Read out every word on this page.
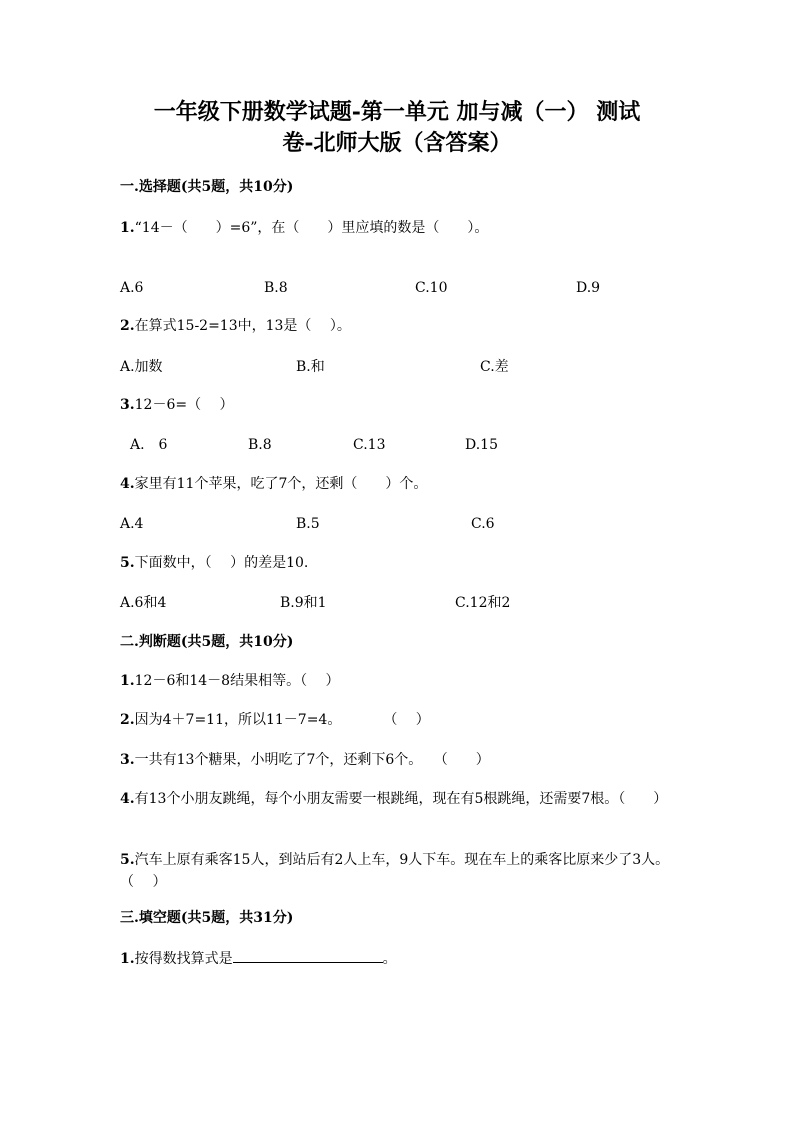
一年级下册数学试题-第一单元 加与减（一） 测试
卷-北师大版（含答案）
一.选择题(共5题，共10分)

1.“14－（　　）=6”，在（　　）里应填的数是（　　）。

A.6	B.8	C.10	D.9

2.在算式15-2=13中，13是（　 ）。

A.加数	B.和	C.差

3.12－6=（　 ）

A.　6	B.8	C.13	D.15

4.家里有11个苹果，吃了7个，还剩（　　）个。

A.4	B.5	C.6

5.下面数中，（　 ）的差是10.

A.6和4	B.9和1	C.12和2
二.判断题(共5题，共10分)

1.12－6和14－8结果相等。（　 ）

2.因为4＋7=11，所以11－7=4。　　　　（　 ）

3.一共有13个糖果，小明吃了7个，还剩下6个。　 （　　）

4.有13个小朋友跳绳，每个小朋友需要一根跳绳，现在有5根跳绳，还需要7根。（　　）

5.汽车上原有乘客15人，到站后有2人上车，9人下车。现在车上的乘客比原来少了3人。　　　　　（　 ）

三.填空题(共5题，共31分)

1.按得数找算式是	。
